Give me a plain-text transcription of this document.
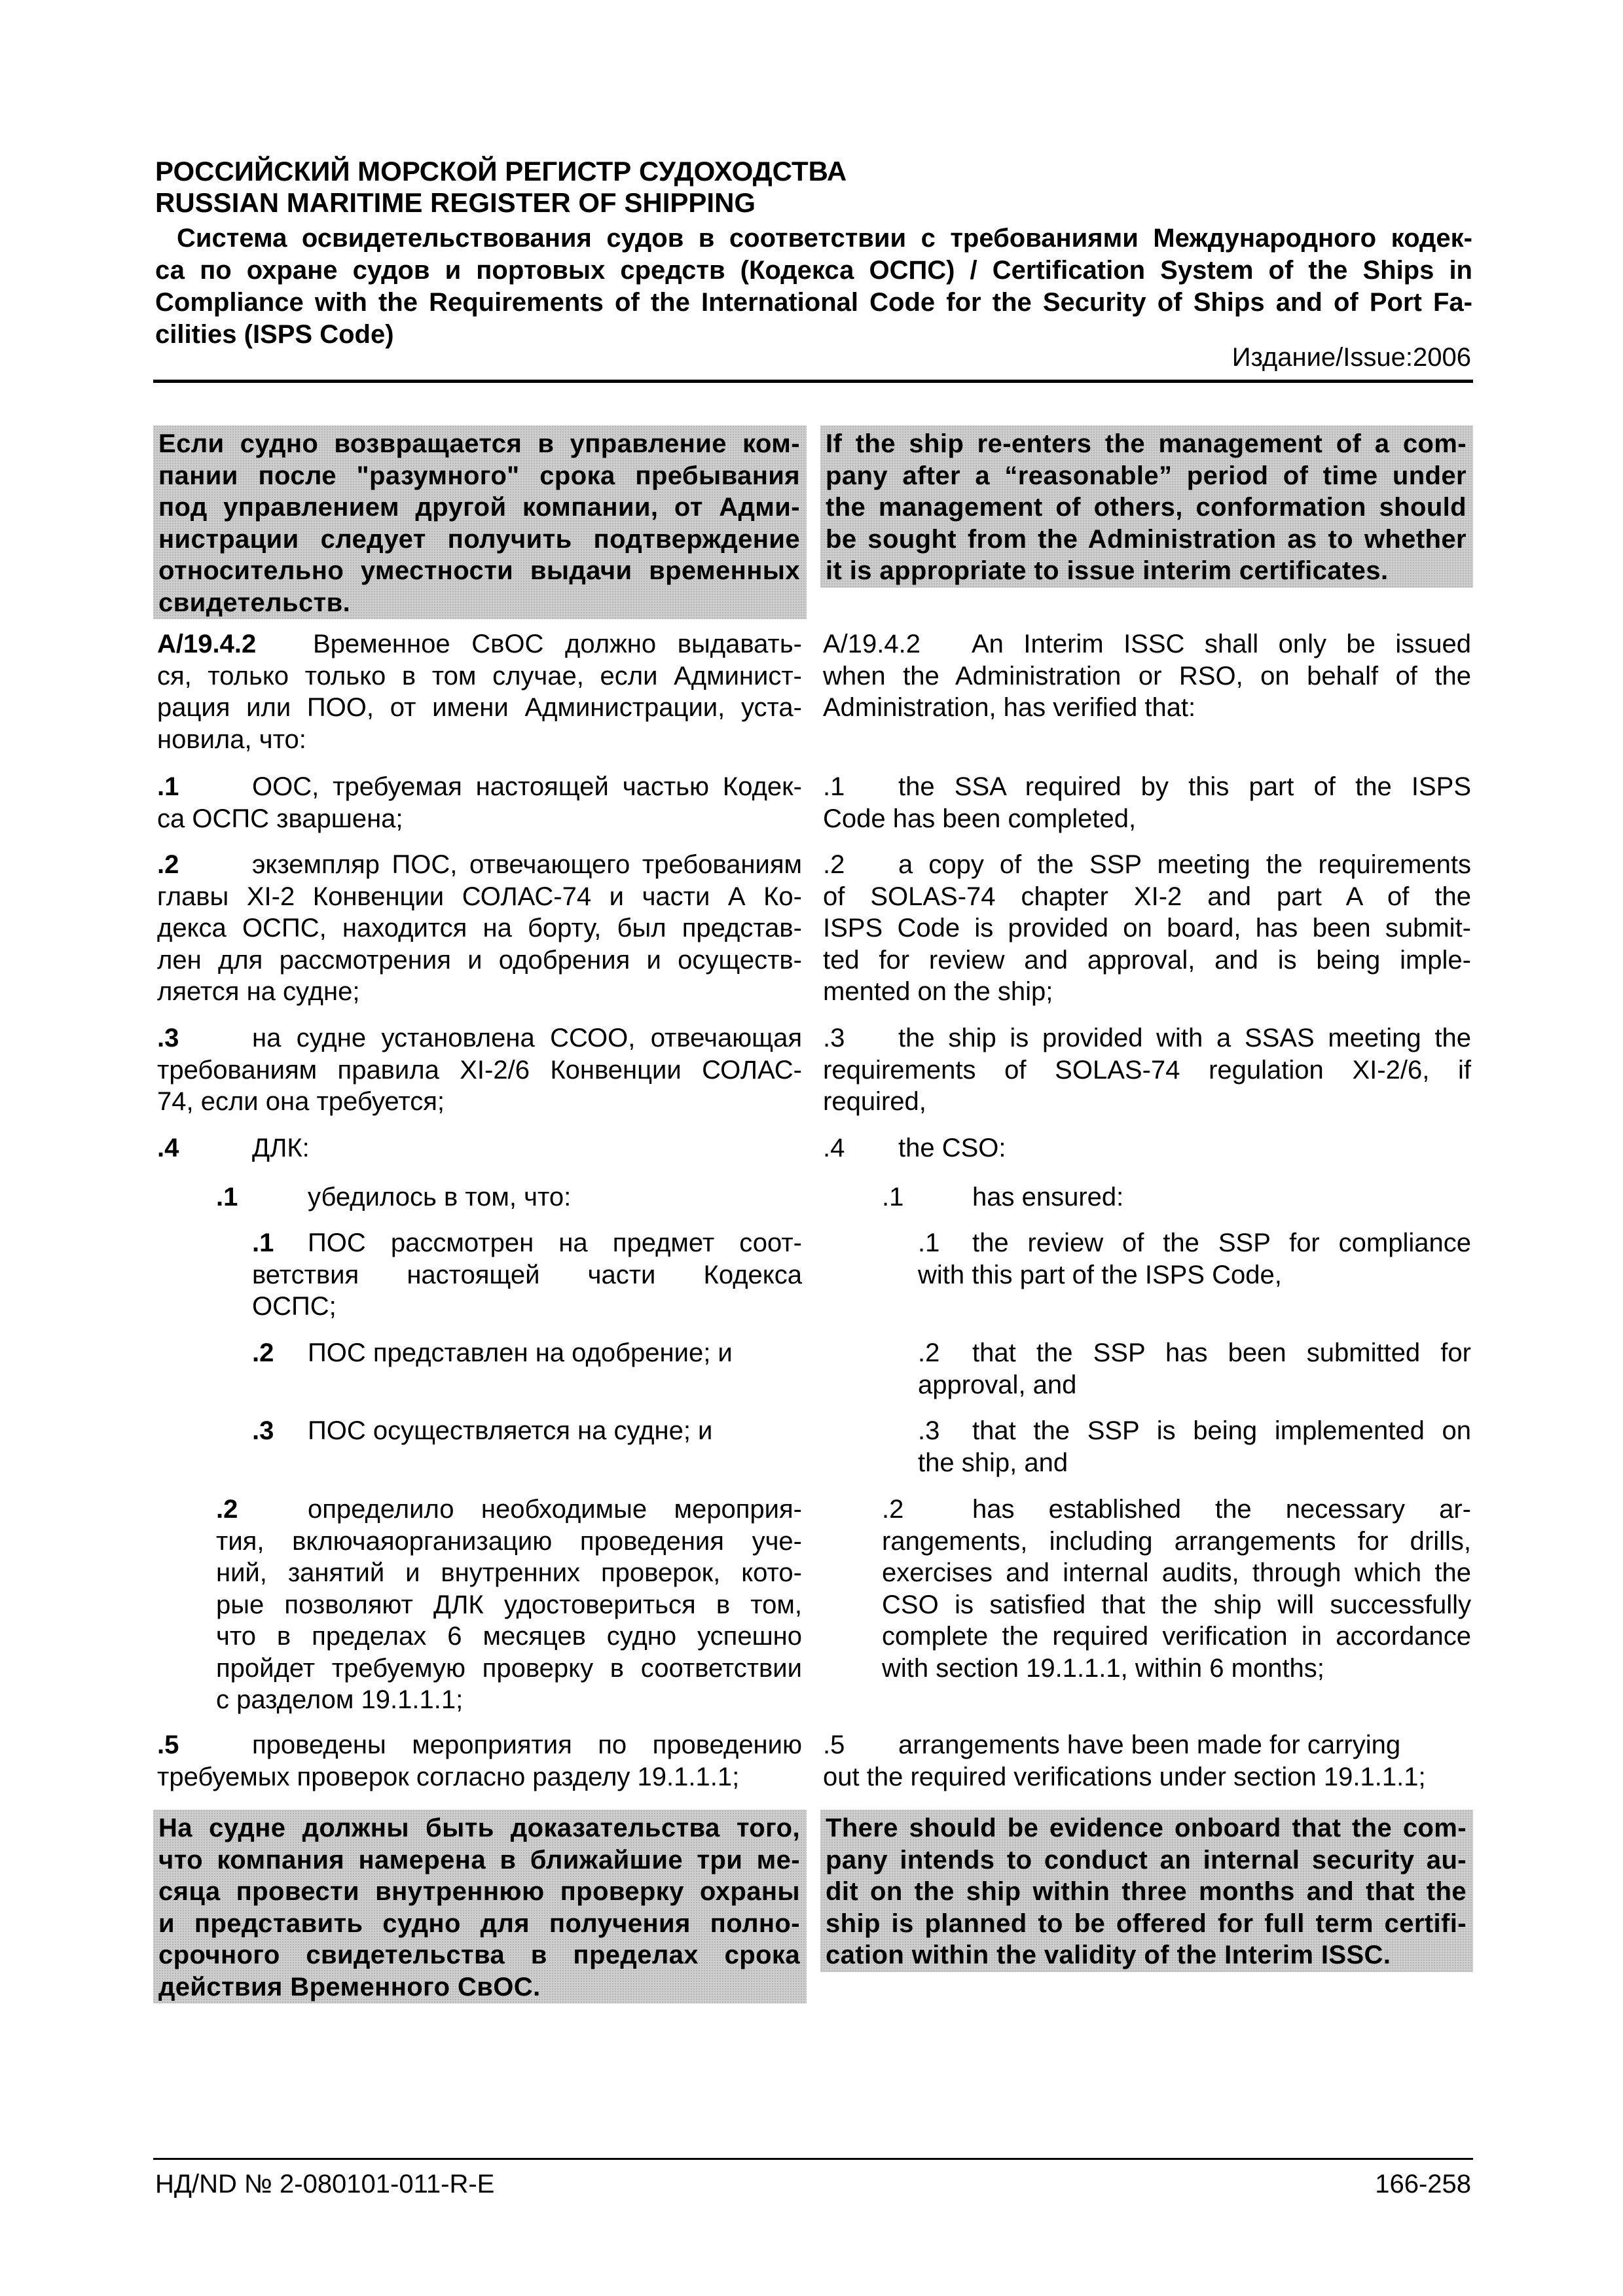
РОССИЙСКИЙ МОРСКОЙ РЕГИСТР СУДОХОДСТВА
RUSSIAN MARITIME REGISTER OF SHIPPING
Система освидетельствования судов в соответствии с требованиями Международного кодек-
са по охране судов и портовых средств (Кодекса ОСПС) / Certification System of the Ships in
Compliance with the Requirements of the International Code for the Security of Ships and of Port Fa-
cilities (ISPS Code)
Издание/Issue:2006
Если судно возвращается в управление ком-
пании после "разумного" срока пребывания
под управлением другой компании, от Адми-
нистрации следует получить подтверждение
относительно уместности выдачи временных
свидетельств.
A/19.4.2	Временное СвОС должно выдавать-
ся, только только в том случае, если Админист-
рация или ПОО, от имени Администрации, уста-
новила, что:
.1	ООС, требуемая настоящей частью Кодек-
са ОСПС зваршена;
.2	экземпляр ПОС, отвечающего требованиям
главы XI-2 Конвенции СОЛАС-74 и части А Ко-
декса ОСПС, находится на борту, был представ-
лен для рассмотрения и одобрения и осуществ-
ляется на судне;
.3	на судне установлена ССОО, отвечающая
требованиям правила XI-2/6 Конвенции СОЛАС-
74, если она требуется;
.4	ДЛК:
.1	убедилось в том, что:
.1	ПОС рассмотрен на предмет соот-
ветствия настоящей части Кодекса
ОСПС;
.2 ПОС представлен на одобрение; и
.3 ПОС осуществляется на судне; и
.2	определило необходимые мероприя-
тия, включаяорганизацию проведения уче-
ний, занятий и внутренних проверок, кото-
рые позволяют ДЛК удостовериться в том,
что в пределах 6 месяцев судно успешно
пройдет требуемую проверку в соответствии
с разделом 19.1.1.1;
.5	проведены мероприятия по проведению
требуемых проверок согласно разделу 19.1.1.1;
На судне должны быть доказательства того,
что компания намерена в ближайшие три ме-
сяца провести внутреннюю проверку охраны
и представить судно для получения полно-
срочного свидетельства в пределах срока
действия Временного СвОС.
If the ship re-enters the management of a com-
pany after a “reasonable” period of time under
the management of others, conformation should
be sought from the Administration as to whether
it is appropriate to issue interim certificates.
A/19.4.2	An Interim ISSC shall only be issued
when the Administration or RSO, on behalf of the
Administration, has verified that:
.1	the SSA required by this part of the ISPS
Code has been completed,
.2	a copy of the SSP meeting the requirements
of SOLAS-74 chapter XI-2 and part A of the
ISPS Code is provided on board, has been submit-
ted for review and approval, and is being imple-
mented on the ship;
.3	the ship is provided with a SSAS meeting the
requirements of SOLAS-74 regulation XI-2/6, if
required,
.4 the CSO:
.1	has ensured:
.1	the review of the SSP for compliance
with this part of the ISPS Code,
.2	that the SSP has been submitted for
approval, and
.3	that the SSP is being implemented on
the ship, and
.2	has established the necessary ar-
rangements, including arrangements for drills,
exercises and internal audits, through which the
CSO is satisfied that the ship will successfully
complete the required verification in accordance
with section 19.1.1.1, within 6 months;
.5	arrangements have been made for carrying
out the required verifications under section 19.1.1.1;
There should be evidence onboard that the com-
pany intends to conduct an internal security au-
dit on the ship within three months and that the
ship is planned to be offered for full term certifi-
cation within the validity of the Interim ISSC.
НД/ND № 2-080101-011-R-E	166-258
